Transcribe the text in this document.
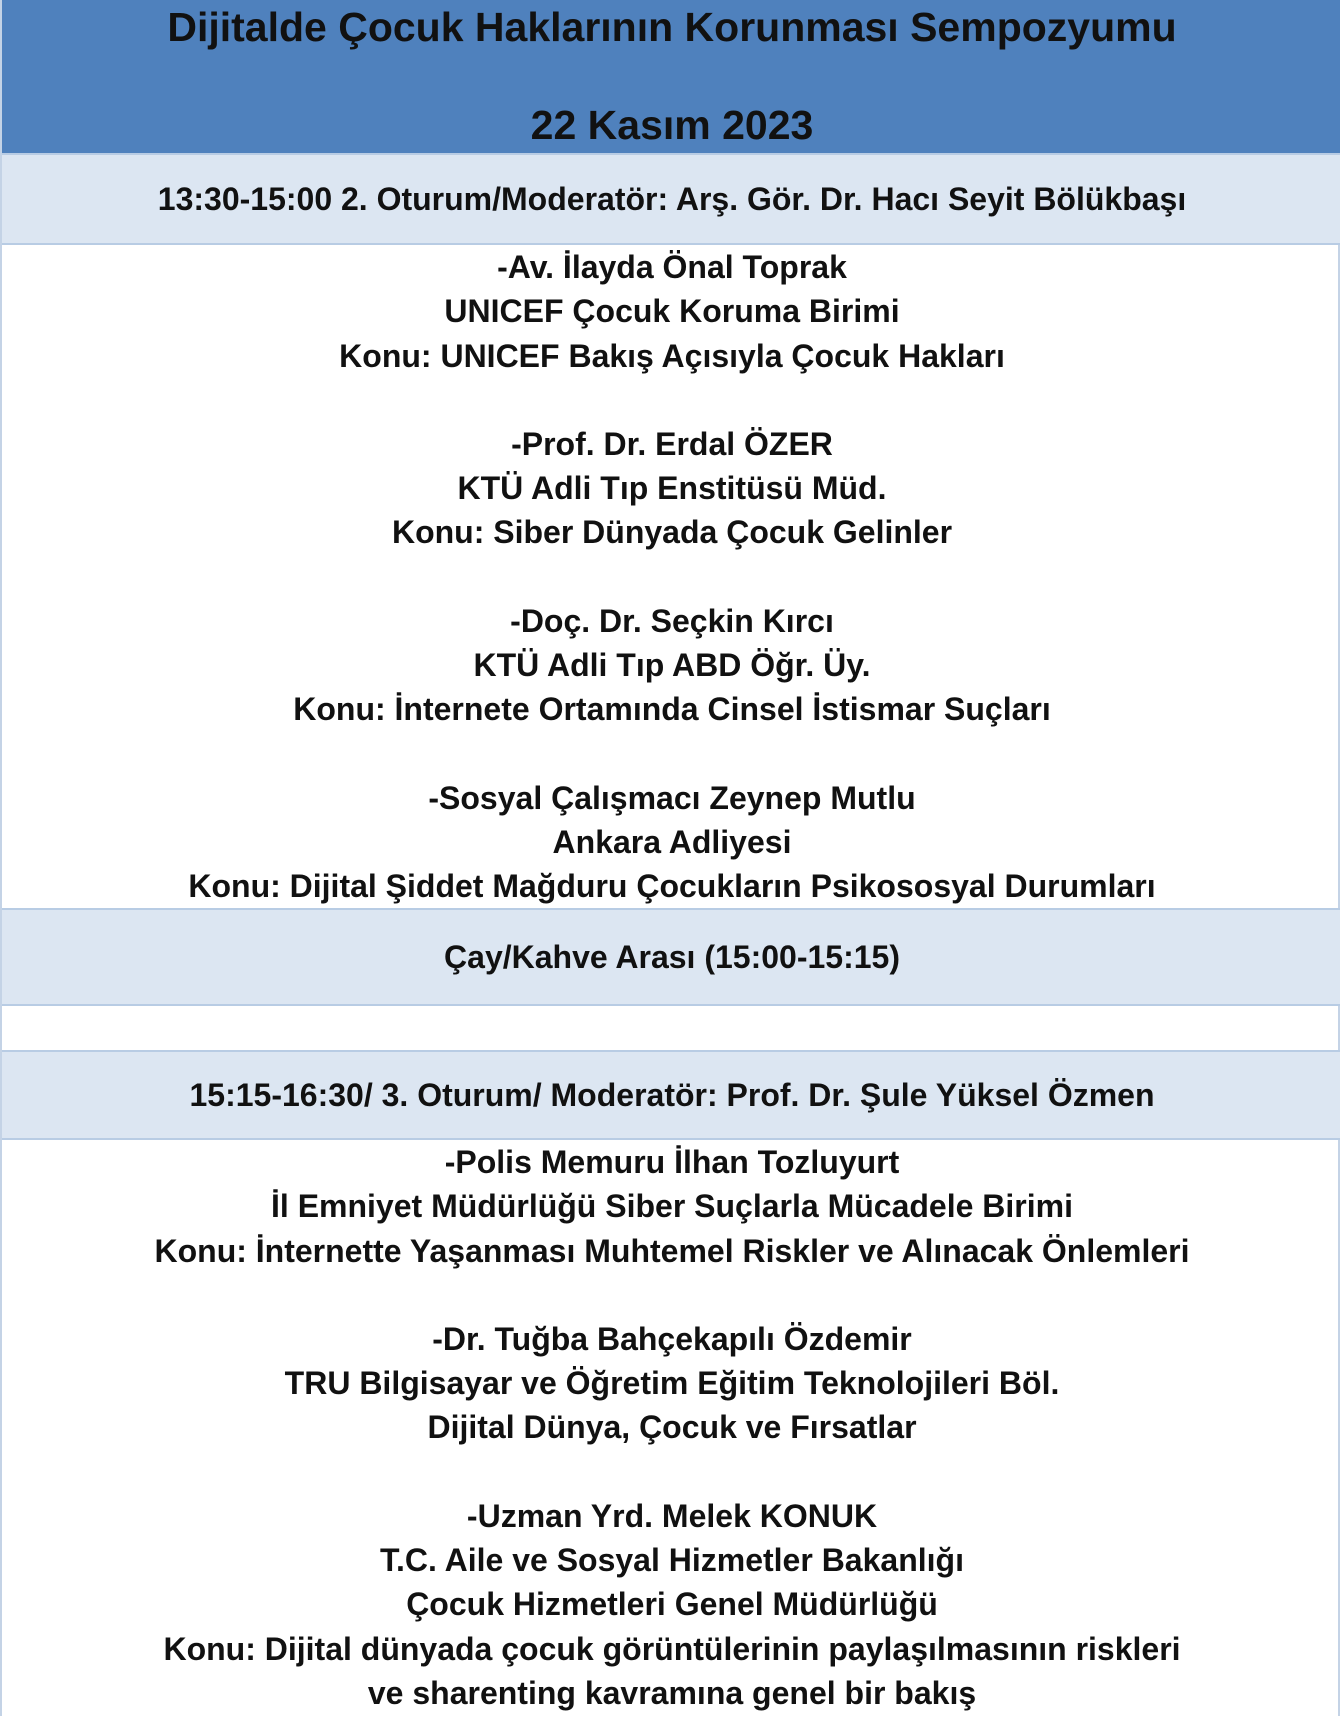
Dijitalde Çocuk Haklarının Korunması Sempozyumu
22 Kasım 2023
13:30-15:00 2. Oturum/Moderatör: Arş. Gör. Dr. Hacı Seyit Bölükbaşı
-Av. İlayda Önal Toprak
UNICEF Çocuk Koruma Birimi
Konu: UNICEF Bakış Açısıyla Çocuk Hakları
-Prof. Dr. Erdal ÖZER
KTÜ Adli Tıp Enstitüsü Müd.
Konu: Siber Dünyada Çocuk Gelinler
-Doç. Dr. Seçkin Kırcı
KTÜ Adli Tıp ABD Öğr. Üy.
Konu: İnternete Ortamında Cinsel İstismar Suçları
-Sosyal Çalışmacı Zeynep Mutlu
Ankara Adliyesi
Konu: Dijital Şiddet Mağduru Çocukların Psikososyal Durumları
Çay/Kahve Arası (15:00-15:15)
15:15-16:30/ 3. Oturum/ Moderatör: Prof. Dr. Şule Yüksel Özmen
-Polis Memuru İlhan Tozluyurt
İl Emniyet Müdürlüğü Siber Suçlarla Mücadele Birimi
Konu: İnternette Yaşanması Muhtemel Riskler ve Alınacak Önlemleri
-Dr. Tuğba Bahçekapılı Özdemir
TRU Bilgisayar ve Öğretim Eğitim Teknolojileri Böl.
Dijital Dünya, Çocuk ve Fırsatlar
-Uzman Yrd. Melek KONUK
T.C. Aile ve Sosyal Hizmetler Bakanlığı
Çocuk Hizmetleri Genel Müdürlüğü
Konu: Dijital dünyada çocuk görüntülerinin paylaşılmasının riskleri
ve sharenting kavramına genel bir bakış
